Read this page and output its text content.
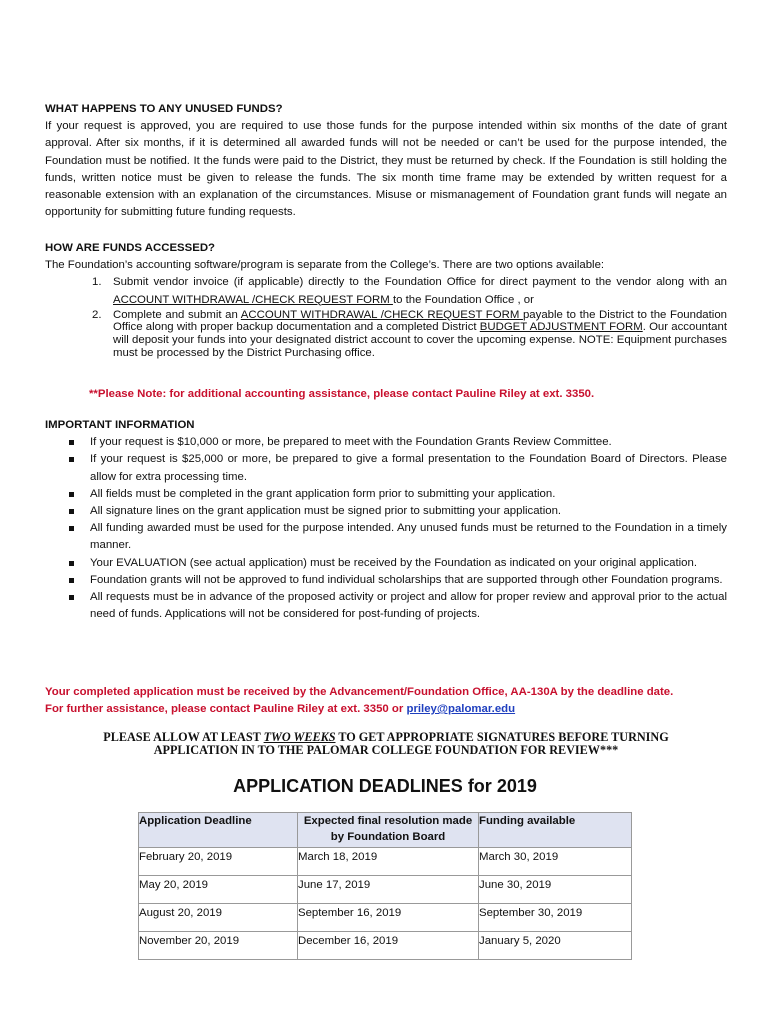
WHAT HAPPENS TO ANY UNUSED FUNDS?
If your request is approved, you are required to use those funds for the purpose intended within six months of the date of grant approval. After six months, if it is determined all awarded funds will not be needed or can’t be used for the purpose intended, the Foundation must be notified. It the funds were paid to the District, they must be returned by check. If the Foundation is still holding the funds, written notice must be given to release the funds. The six month time frame may be extended by written request for a reasonable extension with an explanation of the circumstances. Misuse or mismanagement of Foundation grant funds will negate an opportunity for submitting future funding requests.
HOW ARE FUNDS ACCESSED?
The Foundation’s accounting software/program is separate from the College’s. There are two options available:
1. Submit vendor invoice (if applicable) directly to the Foundation Office for direct payment to the vendor along with an ACCOUNT WITHDRAWAL /CHECK REQUEST FORM to the Foundation Office , or
2. Complete and submit an ACCOUNT WITHDRAWAL /CHECK REQUEST FORM payable to the District to the Foundation Office along with proper backup documentation and a completed District BUDGET ADJUSTMENT FORM. Our accountant will deposit your funds into your designated district account to cover the upcoming expense. NOTE: Equipment purchases must be processed by the District Purchasing office.
**Please Note: for additional accounting assistance, please contact Pauline Riley at ext. 3350.
IMPORTANT INFORMATION
If your request is $10,000 or more, be prepared to meet with the Foundation Grants Review Committee.
If your request is $25,000 or more, be prepared to give a formal presentation to the Foundation Board of Directors. Please allow for extra processing time.
All fields must be completed in the grant application form prior to submitting your application.
All signature lines on the grant application must be signed prior to submitting your application.
All funding awarded must be used for the purpose intended. Any unused funds must be returned to the Foundation in a timely manner.
Your EVALUATION (see actual application) must be received by the Foundation as indicated on your original application.
Foundation grants will not be approved to fund individual scholarships that are supported through other Foundation programs.
All requests must be in advance of the proposed activity or project and allow for proper review and approval prior to the actual need of funds. Applications will not be considered for post-funding of projects.
Your completed application must be received by the Advancement/Foundation Office, AA-130A by the deadline date.
For further assistance, please contact Pauline Riley at ext. 3350 or priley@palomar.edu
PLEASE ALLOW AT LEAST TWO WEEKS TO GET APPROPRIATE SIGNATURES BEFORE TURNING
APPLICATION IN TO THE PALOMAR COLLEGE FOUNDATION FOR REVIEW***
APPLICATION DEADLINES for 2019
Application Deadline	Expected final resolution made by Foundation Board	Funding available
February 20, 2019	March 18, 2019	March 30, 2019
May 20, 2019	June 17, 2019	June 30, 2019
August 20, 2019	September 16, 2019	September 30, 2019
November 20, 2019	December 16, 2019	January 5, 2020
